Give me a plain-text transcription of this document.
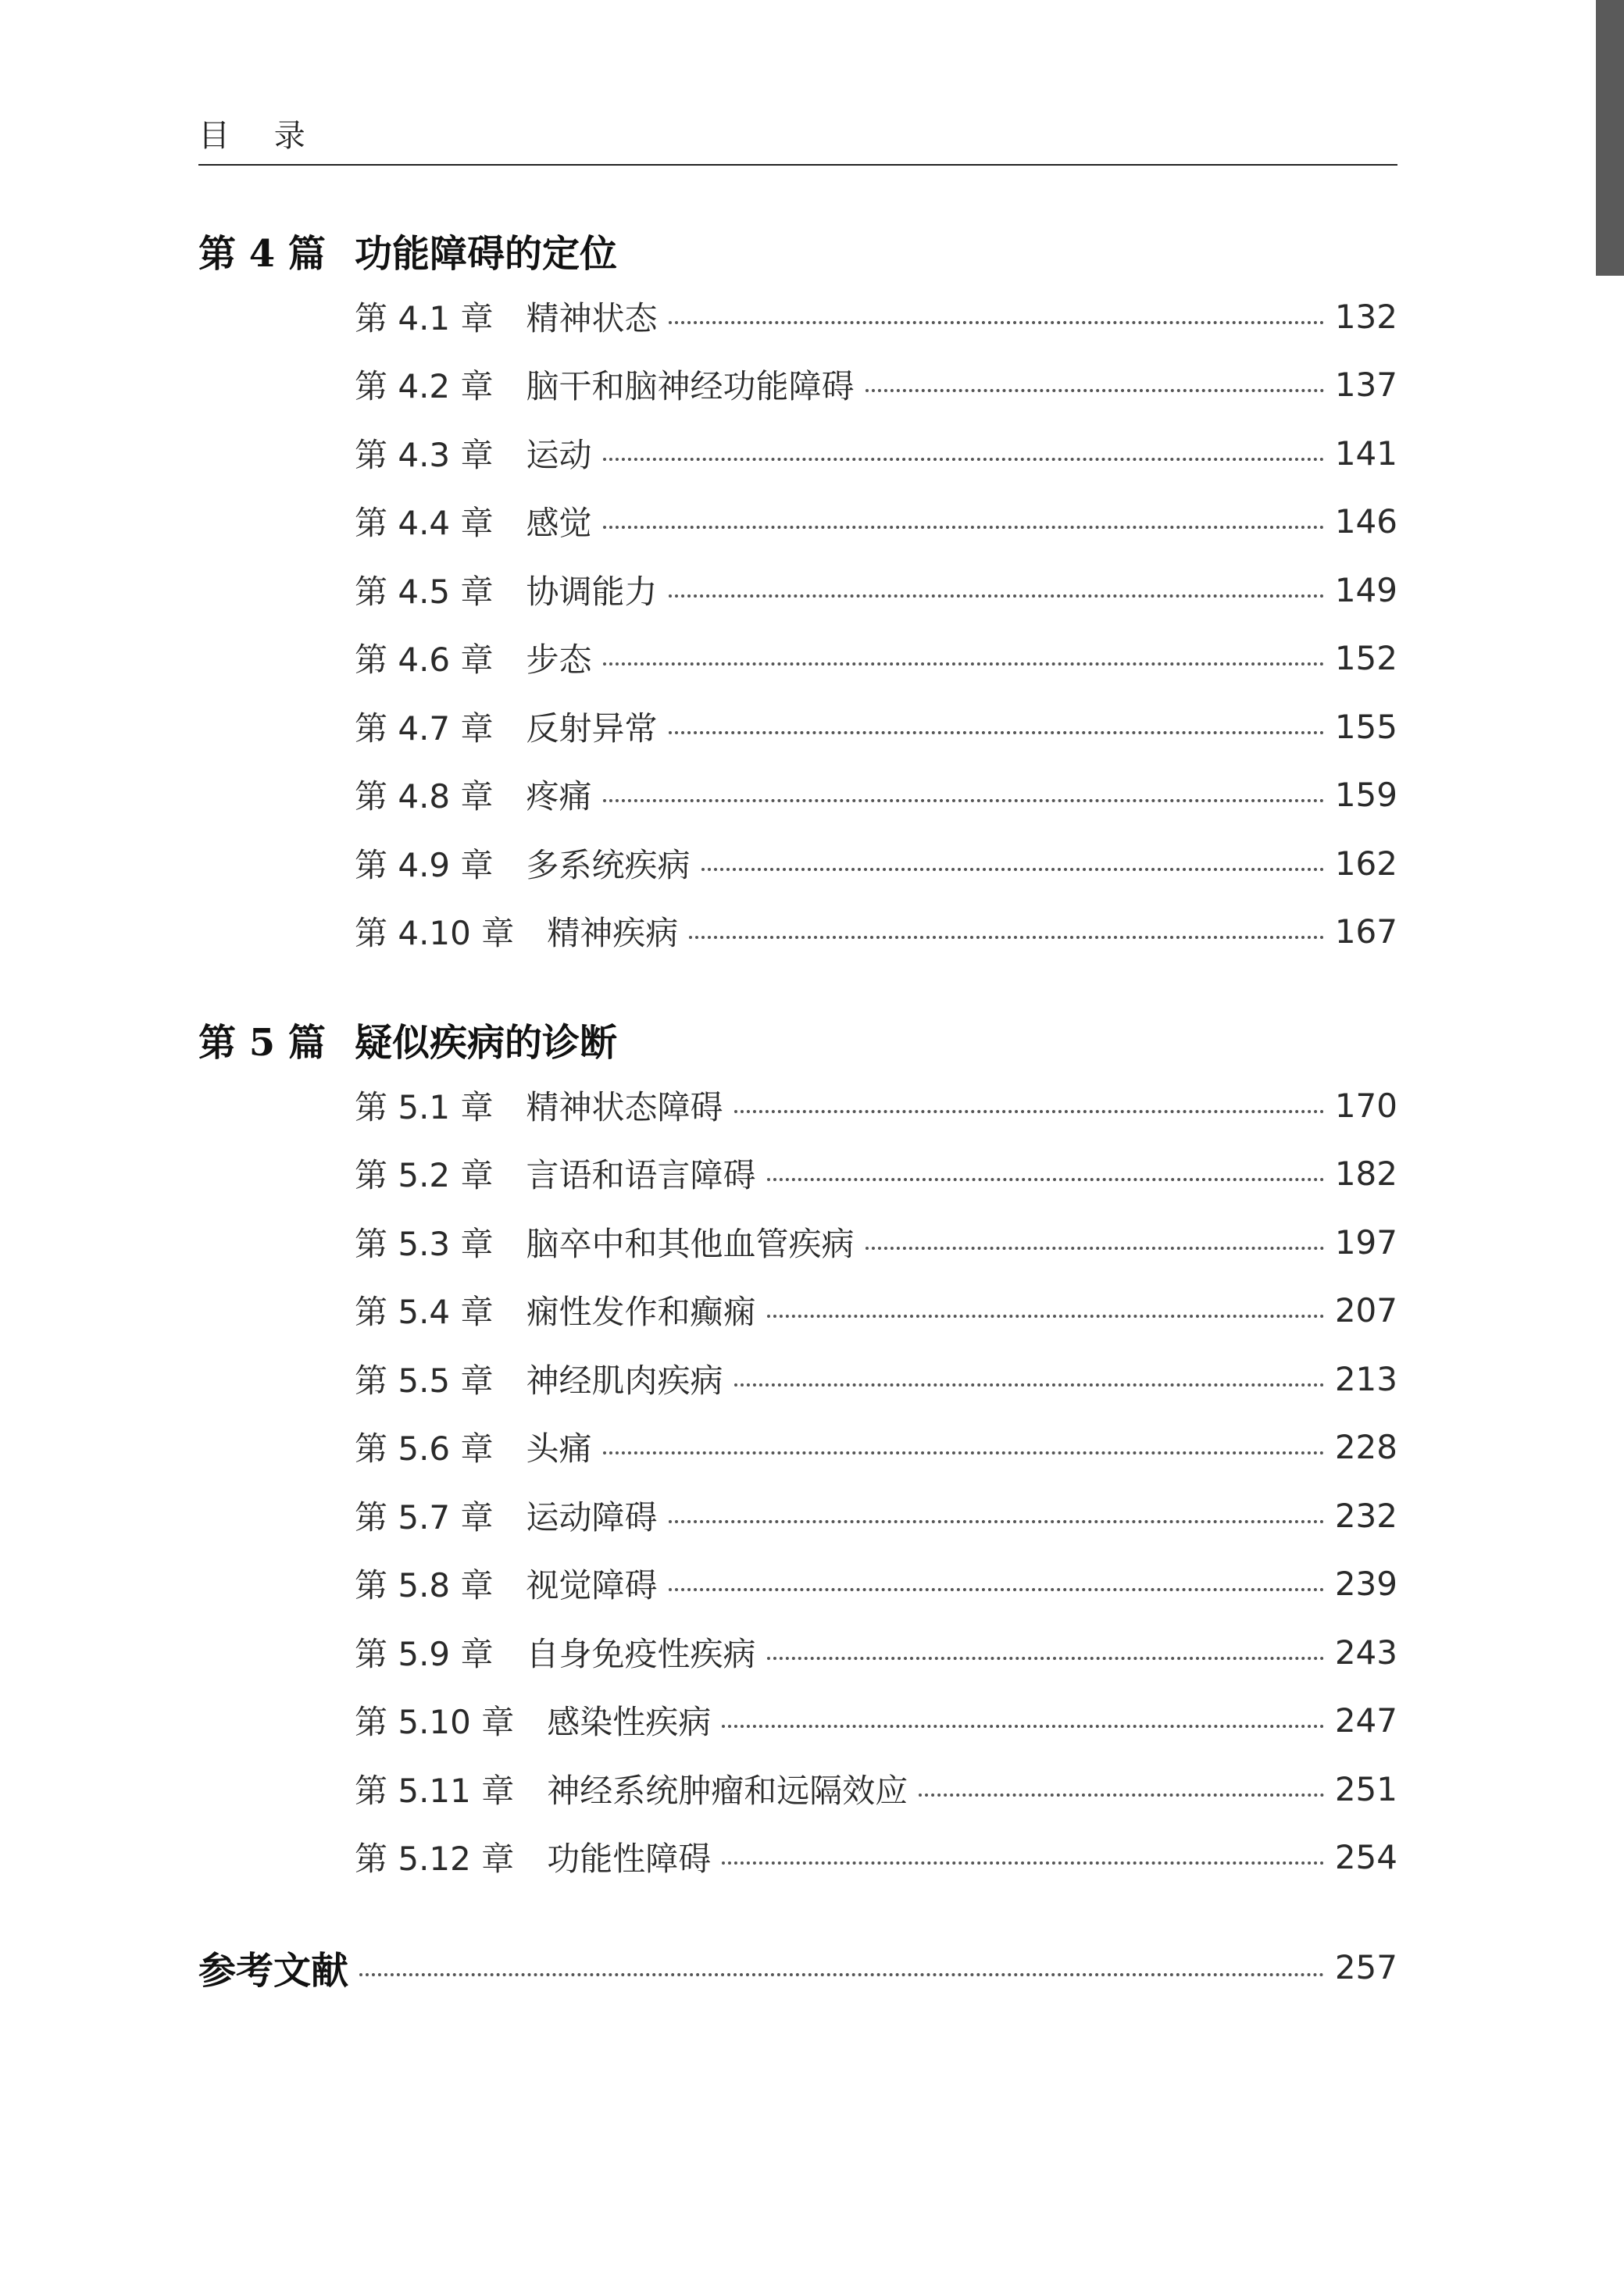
目 录
第 4 篇 功能障碍的定位
第 4.1 章 精神状态	132
第 4.2 章 脑干和脑神经功能障碍	137
第 4.3 章 运动	141
第 4.4 章 感觉	146
第 4.5 章 协调能力	149
第 4.6 章 步态	152
第 4.7 章 反射异常	155
第 4.8 章 疼痛	159
第 4.9 章 多系统疾病	162
第 4.10 章 精神疾病	167
第 5 篇 疑似疾病的诊断
第 5.1 章 精神状态障碍	170
第 5.2 章 言语和语言障碍	182
第 5.3 章 脑卒中和其他血管疾病	197
第 5.4 章 痫性发作和癫痫	207
第 5.5 章 神经肌肉疾病	213
第 5.6 章 头痛	228
第 5.7 章 运动障碍	232
第 5.8 章 视觉障碍	239
第 5.9 章 自身免疫性疾病	243
第 5.10 章 感染性疾病	247
第 5.11 章 神经系统肿瘤和远隔效应	251
第 5.12 章 功能性障碍	254
参考文献	257
